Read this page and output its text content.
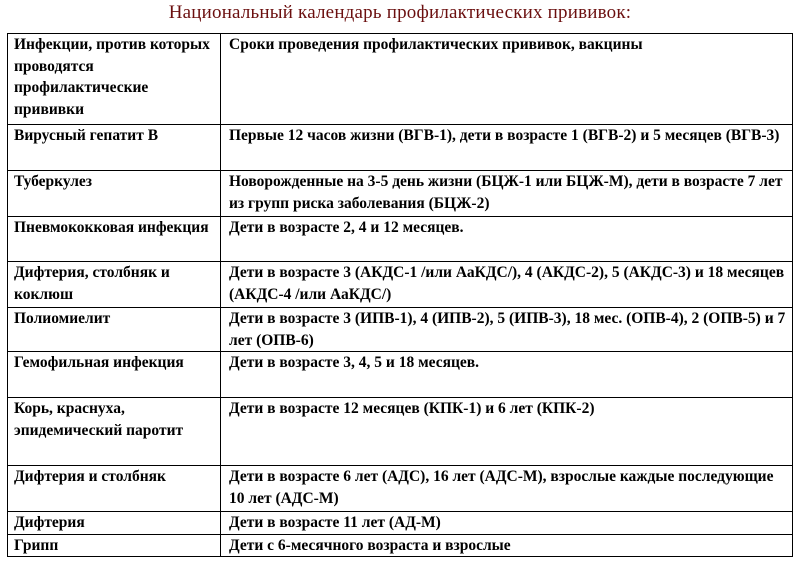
Национальный календарь профилактических прививок:
Инфекции, против которых проводятся профилактические прививки	Сроки проведения профилактических прививок, вакцины
Вирусный гепатит В	Первые 12 часов жизни (ВГВ-1), дети в возрасте 1 (ВГВ-2) и 5 месяцев (ВГВ-3)
Туберкулез	Новорожденные на 3-5 день жизни (БЦЖ-1 или БЦЖ-М), дети в возрасте 7 лет из групп риска заболевания (БЦЖ-2)
Пневмококковая инфекция	Дети в возрасте 2, 4 и 12 месяцев.
Дифтерия, столбняк и коклюш	Дети в возрасте 3 (АКДС-1 /или АаКДС/), 4 (АКДС-2), 5 (АКДС-3) и 18 месяцев (АКДС-4 /или АаКДС/)
Полиомиелит	Дети в возрасте 3 (ИПВ-1), 4 (ИПВ-2), 5 (ИПВ-3), 18 мес. (ОПВ-4), 2 (ОПВ-5) и 7 лет (ОПВ-6)
Гемофильная инфекция	Дети в возрасте 3, 4, 5 и 18 месяцев.
Корь, краснуха, эпидемический паротит	Дети в возрасте 12 месяцев (КПК-1) и 6 лет (КПК-2)
Дифтерия и столбняк	Дети в возрасте 6 лет (АДС), 16 лет (АДС-М), взрослые каждые последующие 10 лет (АДС-М)
Дифтерия	Дети в возрасте 11 лет (АД-М)
Грипп	Дети с 6-месячного возраста и взрослые
